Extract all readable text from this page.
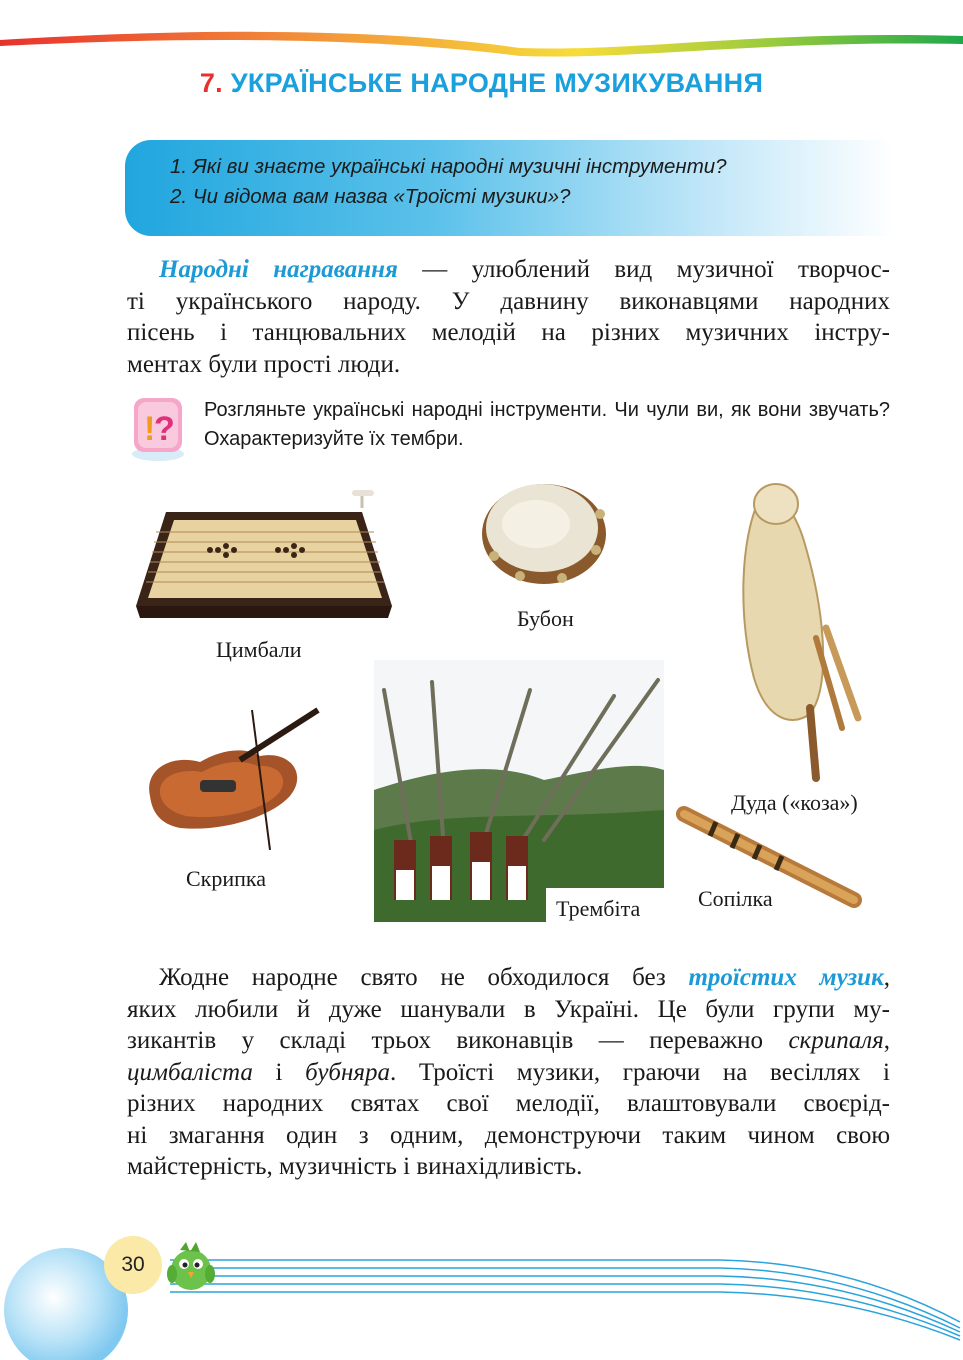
7. УКРАЇНСЬКЕ НАРОДНЕ МУЗИКУВАННЯ
1. Які ви знаєте українські народні музичні інструменти?
2. Чи відома вам назва «Троїсті музики»?
Народні награвання — улюблений вид музичної творчос-
ті українського народу. У давнину виконавцями народних
пісень і танцювальних мелодій на різних музичних інстру-
ментах були прості люди.
!
? Розгляньте українські народні інструменти. Чи чули ви, як вони звучать? Охарактеризуйте їх тембри.
Цимбали
Бубон
Дуда («коза»)
Скрипка
Трембіта	Сопілка
Жодне народне свято не обходилося без троїстих музик,
яких любили й дуже шанували в Україні. Це були групи му-
зикантів у складі трьох виконавців — переважно скрипаля,
цимбаліста і бубняра. Троїсті музики, граючи на весіллях і
різних народних святах свої мелодії, влаштовували своєрід-
ні змагання один з одним, демонструючи таким чином свою
майстерність, музичність і винахідливість.
30
